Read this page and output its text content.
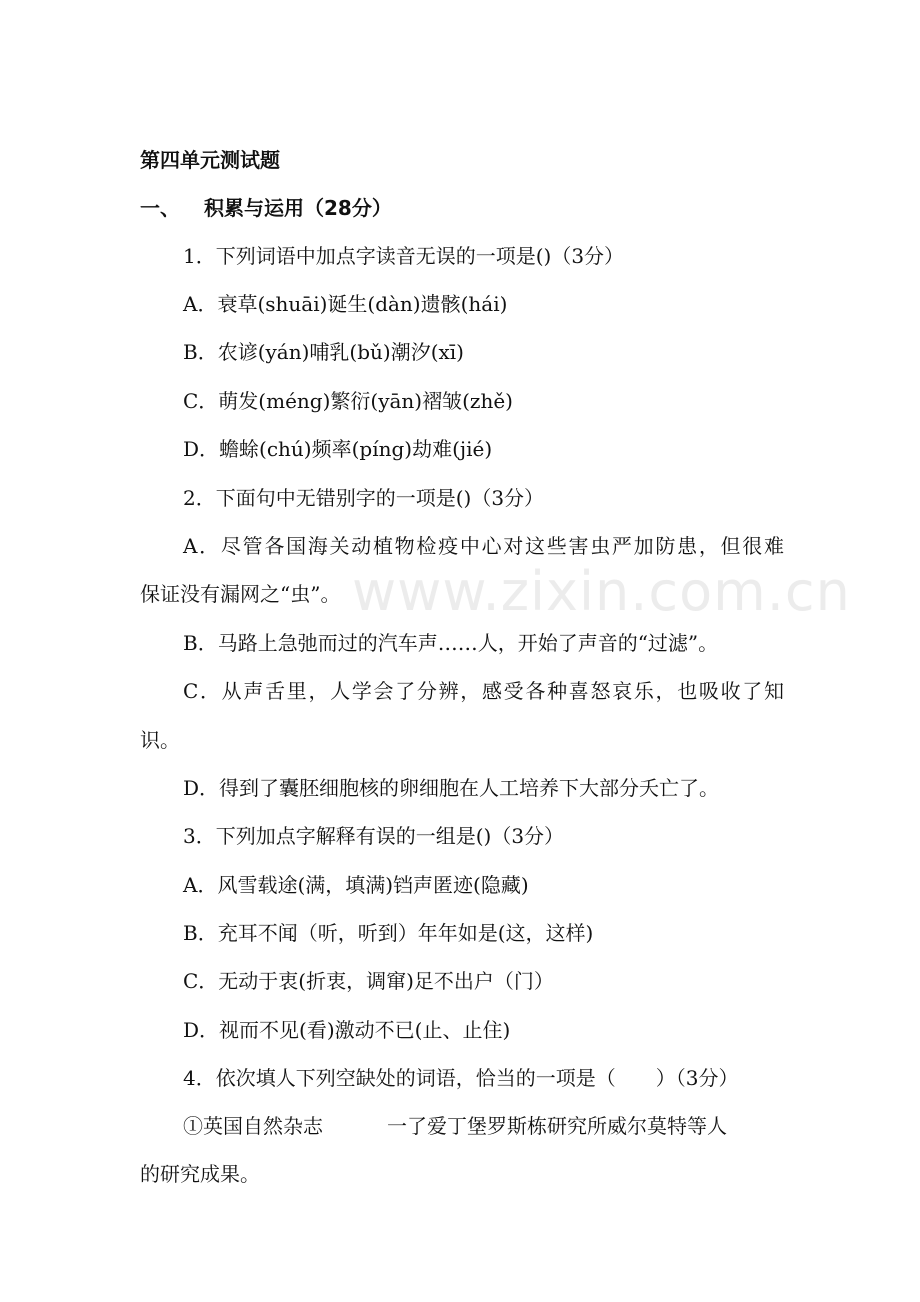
www.zixin.com.cn
第四单元测试题
一、 积累与运用（28分）
1．下列词语中加点字读音无误的一项是()（3分）
A．衰草(shuāi)诞生(dàn)遗骸(hái)
B．农谚(yán)哺乳(bǔ)潮汐(xī)
C．萌发(méng)繁衍(yān)褶皱(zhě)
D．蟾蜍(chú)频率(píng)劫难(jié)
2．下面句中无错别字的一项是()（3分）
A．尽管各国海关动植物检疫中心对这些害虫严加防患，但很难
保证没有漏网之“虫”。
B．马路上急弛而过的汽车声……人，开始了声音的“过滤”。
C．从声舌里，人学会了分辨，感受各种喜怒哀乐，也吸收了知
识。
D．得到了囊胚细胞核的卵细胞在人工培养下大部分夭亡了。
3．下列加点字解释有误的一组是()（3分）
A．风雪载途(满，填满)铛声匿迹(隐藏)
B．充耳不闻（听，听到）年年如是(这，这样)
C．无动于衷(折衷，调窜)足不出户（门）
D．视而不见(看)激动不已(止、止住)
4．依次填人下列空缺处的词语，恰当的一项是（　　）（3分）
①英国自然杂志	一了爱丁堡罗斯栋研究所威尔莫特等人
的研究成果。
